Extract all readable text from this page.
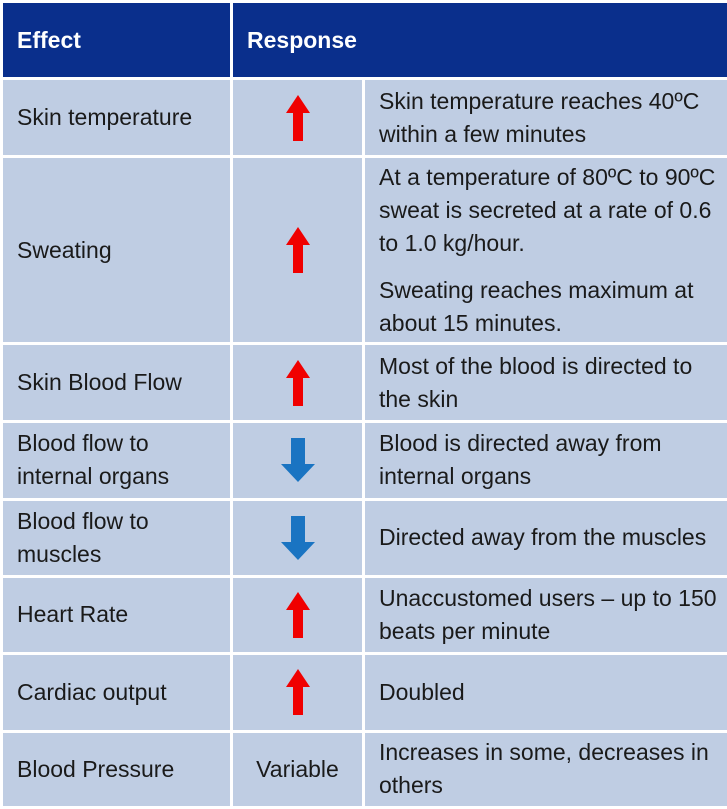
Effect	Response	
Skin temperature		Skin temperature reaches 40ºC within a few minutes

Sweating		At a temperature of 80ºC to 90ºC sweat is secreted at a rate of 0.6 to 1.0 kg/hour.

Sweating reaches maximum at about 15 minutes.

Skin Blood Flow		Most of the blood is directed to the skin

Blood flow to internal organs		Blood is directed away from internal organs

Blood flow to muscles		Directed away from the muscles

Heart Rate		Unaccustomed users – up to 150 beats per minute

Cardiac output		Doubled

Blood Pressure	Variable	Increases in some, decreases in others
